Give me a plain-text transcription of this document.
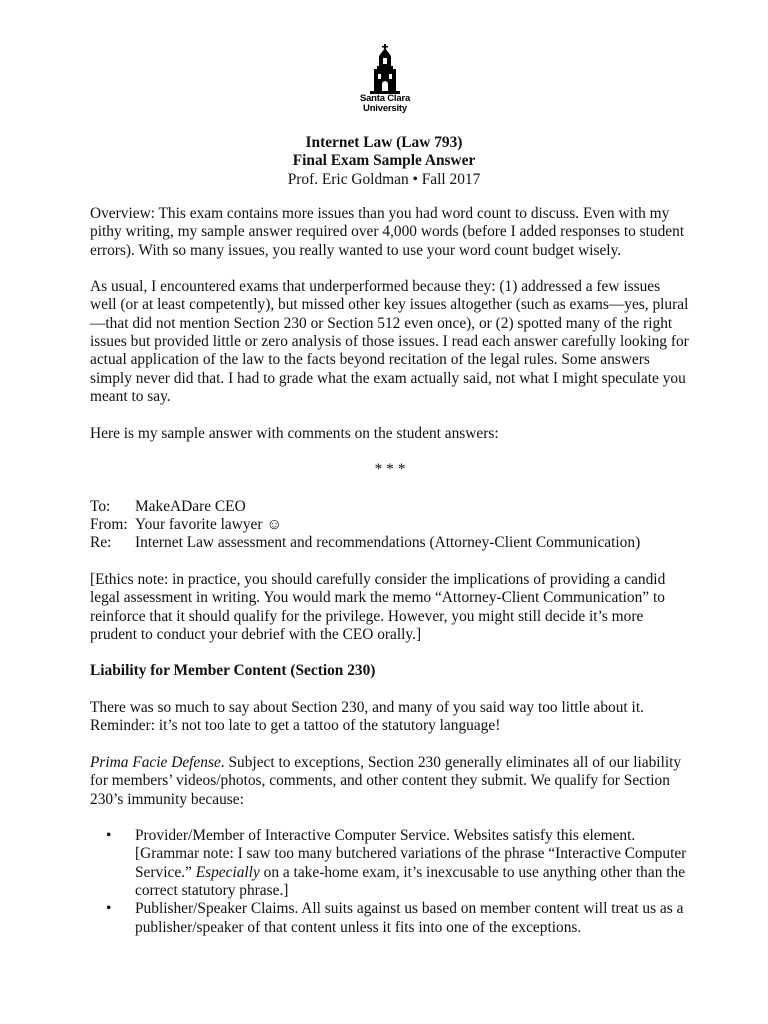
Santa Clara
University
Internet Law (Law 793)
Final Exam Sample Answer
Prof. Eric Goldman • Fall 2017

Overview: This exam contains more issues than you had word count to discuss. Even with my pithy writing, my sample answer required over 4,000 words (before I added responses to student errors). With so many issues, you really wanted to use your word count budget wisely.

As usual, I encountered exams that underperformed because they: (1) addressed a few issues well (or at least competently), but missed other key issues altogether (such as exams—yes, plural—that did not mention Section 230 or Section 512 even once), or (2) spotted many of the right issues but provided little or zero analysis of those issues. I read each answer carefully looking for actual application of the law to the facts beyond recitation of the legal rules. Some answers simply never did that. I had to grade what the exam actually said, not what I might speculate you meant to say.

Here is my sample answer with comments on the student answers:

* * *
To:	MakeADare CEO
From: Your favorite lawyer ☺
Re:	Internet Law assessment and recommendations (Attorney-Client Communication)

[Ethics note: in practice, you should carefully consider the implications of providing a candid legal assessment in writing. You would mark the memo “Attorney-Client Communication” to reinforce that it should qualify for the privilege. However, you might still decide it’s more prudent to conduct your debrief with the CEO orally.]

Liability for Member Content (Section 230)

There was so much to say about Section 230, and many of you said way too little about it. Reminder: it’s not too late to get a tattoo of the statutory language!

Prima Facie Defense. Subject to exceptions, Section 230 generally eliminates all of our liability for members’ videos/photos, comments, and other content they submit. We qualify for Section 230’s immunity because:

• Provider/Member of Interactive Computer Service. Websites satisfy this element. [Grammar note: I saw too many butchered variations of the phrase “Interactive Computer Service.” Especially on a take-home exam, it’s inexcusable to use anything other than the correct statutory phrase.]
• Publisher/Speaker Claims. All suits against us based on member content will treat us as a publisher/speaker of that content unless it fits into one of the exceptions.
